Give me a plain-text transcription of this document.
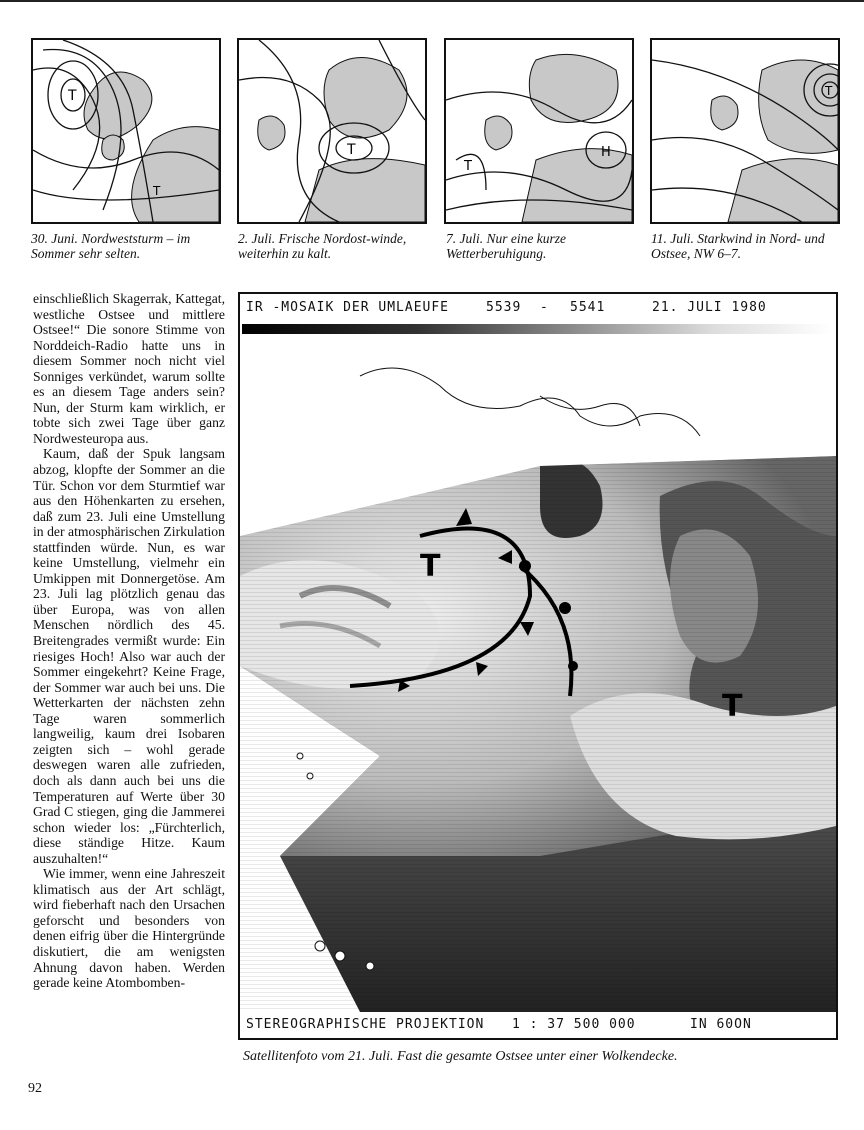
T
T
T	H
T
T
30. Juni. Nordweststurm – im Sommer sehr selten.
2. Juli. Frische Nordost-winde, weiterhin zu kalt.
7. Juli. Nur eine kurze Wetterberuhigung.
11. Juli. Starkwind in Nord- und Ostsee, NW 6–7.

einschließlich Skagerrak, Kattegat, westliche Ostsee und mittlere Ostsee!“ Die sonore Stimme von Norddeich-Radio hatte uns in diesem Sommer noch nicht viel Sonniges verkündet, warum sollte es an diesem Tage anders sein? Nun, der Sturm kam wirklich, er tobte sich zwei Tage über ganz Nordwesteuropa aus.

Kaum, daß der Spuk langsam abzog, klopfte der Sommer an die Tür. Schon vor dem Sturmtief war aus den Höhenkarten zu ersehen, daß zum 23. Juli eine Umstellung in der atmosphärischen Zirkulation stattfinden würde. Nun, es war keine Umstellung, vielmehr ein Umkippen mit Donnergetöse. Am 23. Juli lag plötzlich genau das über Europa, was von allen Menschen nördlich des 45. Breitengrades vermißt wurde: Ein riesiges Hoch! Also war auch der Sommer eingekehrt? Keine Frage, der Sommer war auch bei uns. Die Wetterkarten der nächsten zehn Tage waren sommerlich langweilig, kaum drei Isobaren zeigten sich – wohl gerade deswegen waren alle zufrieden, doch als dann auch bei uns die Temperaturen auf Werte über 30 Grad C stiegen, ging die Jammerei schon wieder los: „Fürchterlich, diese ständige Hitze. Kaum auszuhalten!“

Wie immer, wenn eine Jahreszeit klimatisch aus der Art schlägt, wird fieberhaft nach den Ursachen geforscht und besonders von denen eifrig über die Hintergründe diskutiert, die am wenigsten Ahnung davon haben. Werden gerade keine Atombomben-

IR -MOSAIK DER UMLAEUFE	5539 - 5541	21. JULI 1980
T
T
STEREOGRAPHISCHE PROJEKTION 1 : 37 500 000	IN 60ON
Satellitenfoto vom 21. Juli. Fast die gesamte Ostsee unter einer Wolkendecke.
92
